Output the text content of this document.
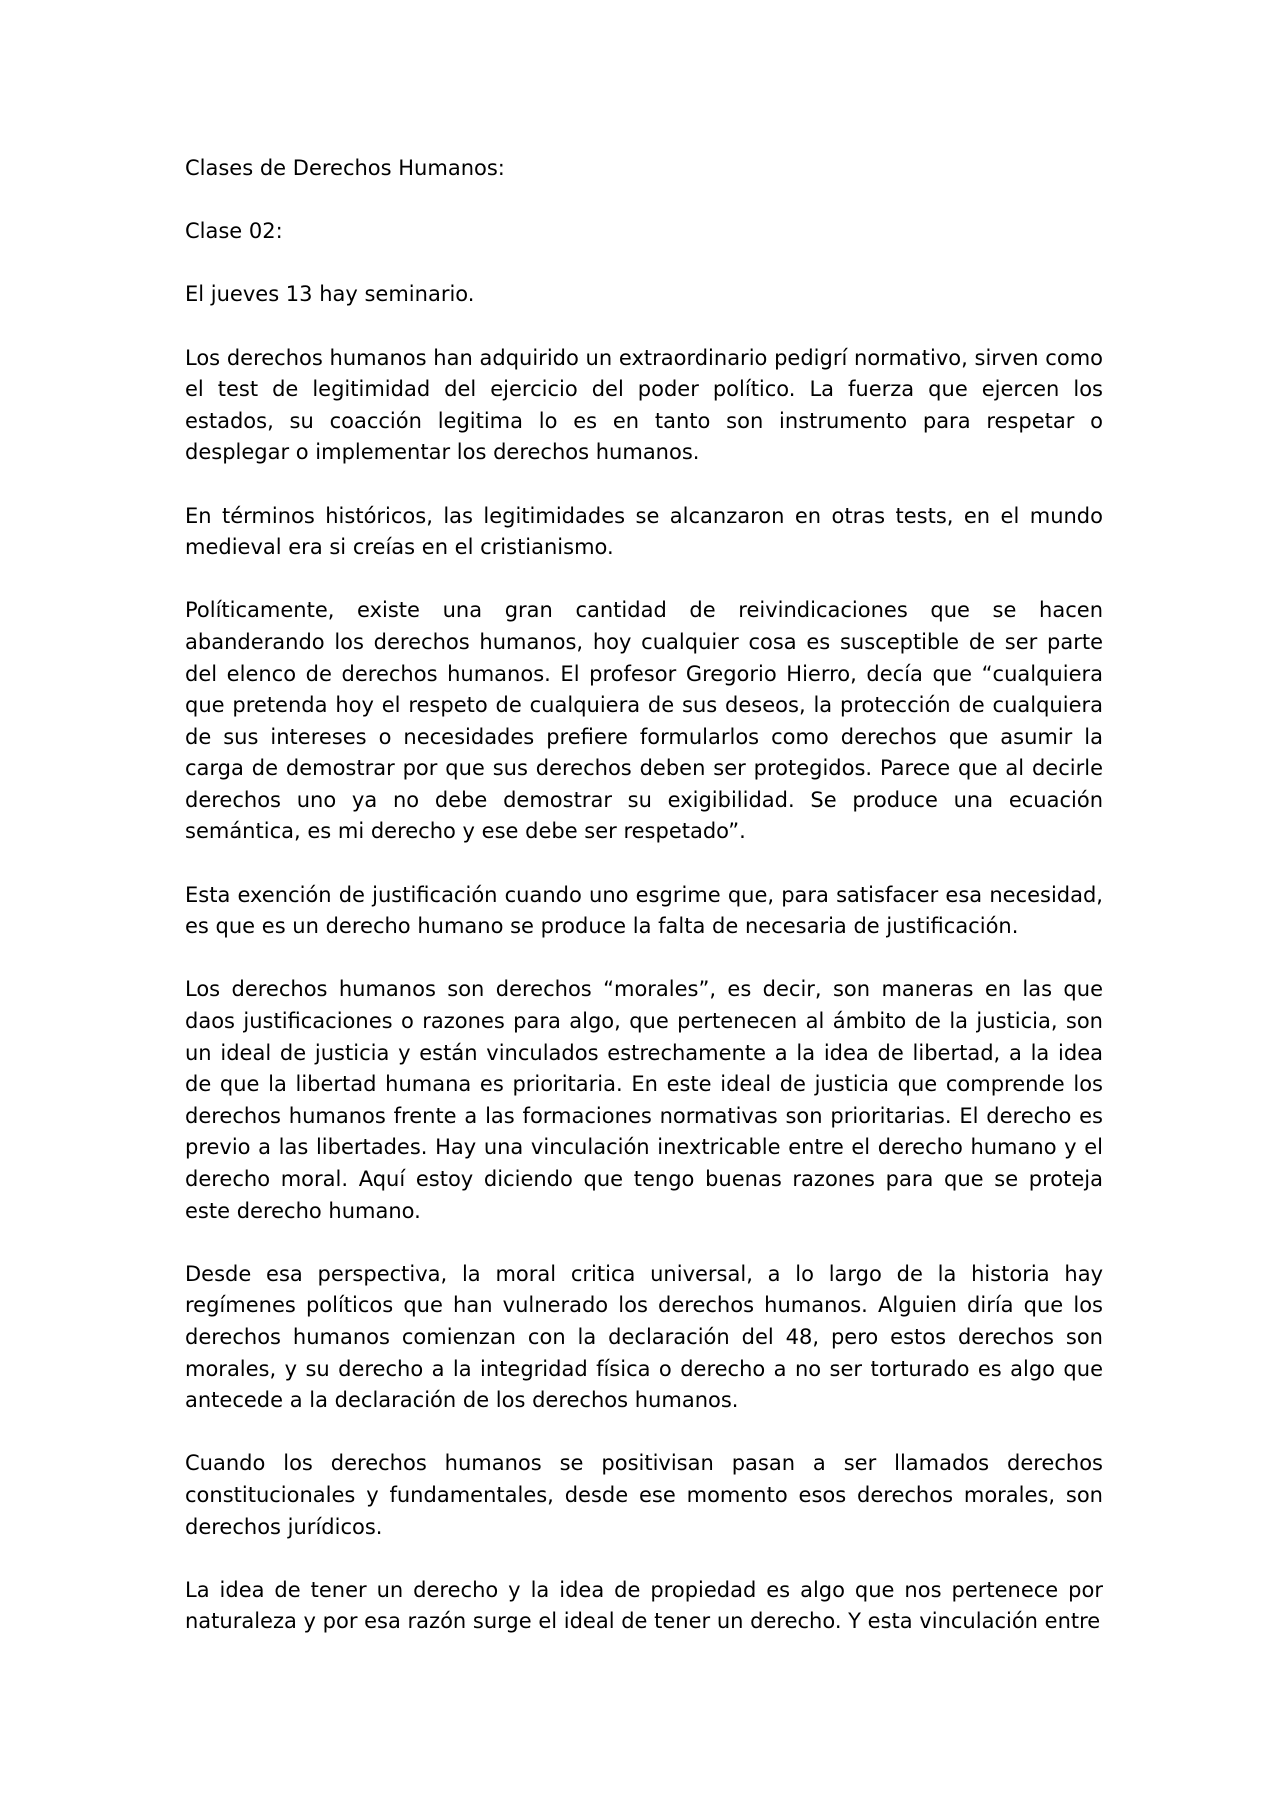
Clases de Derechos Humanos:

Clase 02:

El jueves 13 hay seminario.

Los derechos humanos han adquirido un extraordinario pedigrí normativo, sirven como el test de legitimidad del ejercicio del poder político. La fuerza que ejercen los estados, su coacción legitima lo es en tanto son instrumento para respetar o desplegar o implementar los derechos humanos.

En términos históricos, las legitimidades se alcanzaron en otras tests, en el mundo medieval era si creías en el cristianismo.

Políticamente, existe una gran cantidad de reivindicaciones que se hacen abanderando los derechos humanos, hoy cualquier cosa es susceptible de ser parte del elenco de derechos humanos. El profesor Gregorio Hierro, decía que “cualquiera que pretenda hoy el respeto de cualquiera de sus deseos, la protección de cualquiera de sus intereses o necesidades prefiere formularlos como derechos que asumir la carga de demostrar por que sus derechos deben ser protegidos. Parece que al decirle derechos uno ya no debe demostrar su exigibilidad. Se produce una ecuación semántica, es mi derecho y ese debe ser respetado”.

Esta exención de justificación cuando uno esgrime que, para satisfacer esa necesidad, es que es un derecho humano se produce la falta de necesaria de justificación.

Los derechos humanos son derechos “morales”, es decir, son maneras en las que daos justificaciones o razones para algo, que pertenecen al ámbito de la justicia, son un ideal de justicia y están vinculados estrechamente a la idea de libertad, a la idea de que la libertad humana es prioritaria. En este ideal de justicia que comprende los derechos humanos frente a las formaciones normativas son prioritarias. El derecho es previo a las libertades. Hay una vinculación inextricable entre el derecho humano y el derecho moral. Aquí estoy diciendo que tengo buenas razones para que se proteja este derecho humano.

Desde esa perspectiva, la moral critica universal, a lo largo de la historia hay regímenes políticos que han vulnerado los derechos humanos. Alguien diría que los derechos humanos comienzan con la declaración del 48, pero estos derechos son morales, y su derecho a la integridad física o derecho a no ser torturado es algo que antecede a la declaración de los derechos humanos.

Cuando los derechos humanos se positivisan pasan a ser llamados derechos constitucionales y fundamentales, desde ese momento esos derechos morales, son derechos jurídicos.

La idea de tener un derecho y la idea de propiedad es algo que nos pertenece por naturaleza y por esa razón surge el ideal de tener un derecho. Y esta vinculación entre
